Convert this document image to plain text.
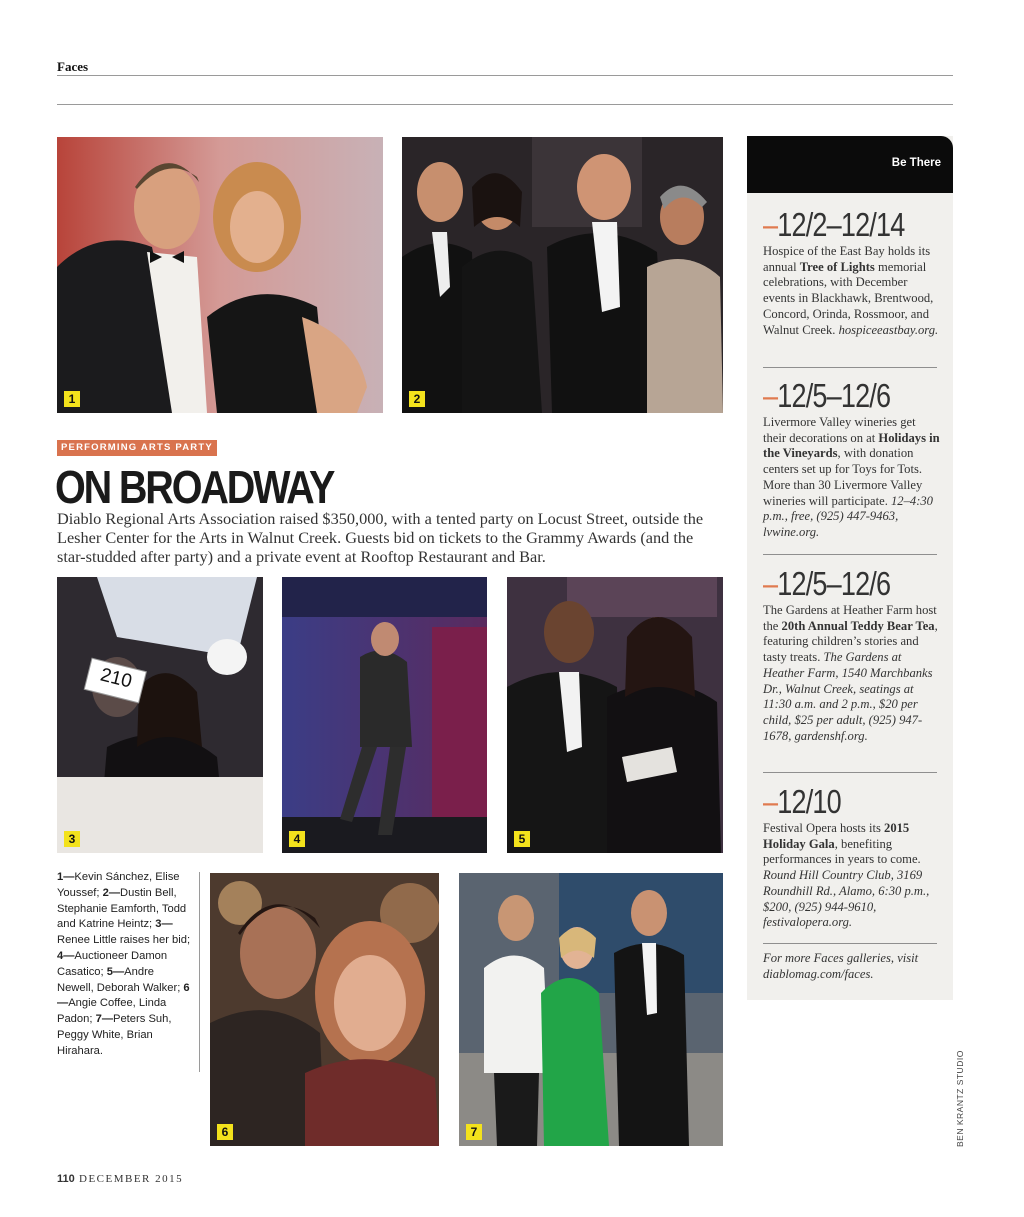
Faces
1	2
PERFORMING ARTS PARTY
ON BROADWAY
Diablo Regional Arts Association raised $350,000, with a tented party on Locust Street, outside the Lesher Center for the Arts in Walnut Creek. Guests bid on tickets to the Grammy Awards (and the star-studded after party) and a private event at Rooftop Restaurant and Bar.
210
3	4	5
1—Kevin Sánchez, Elise Youssef; 2—Dustin Bell, Stephanie Eamforth, Todd and Katrine Heintz; 3—Renee Little raises her bid; 4—Auctioneer Damon Casatico; 5—Andre Newell, Deborah Walker; 6—Angie Coffee, Linda Padon; 7—Peters Suh, Peggy White, Brian Hirahara.
6	7
Be There
–12/2–12/14
Hospice of the East Bay holds its annual Tree of Lights memorial celebrations, with December events in Blackhawk, Brentwood, Concord, Orinda, Rossmoor, and Walnut Creek. hospiceeastbay.org.
–12/5–12/6
Livermore Valley wineries get their decorations on at Holidays in the Vineyards, with donation centers set up for Toys for Tots. More than 30 Livermore Valley wineries will participate. 12–4:30 p.m., free, (925) 447-9463, lvwine.org.
–12/5–12/6
The Gardens at Heather Farm host the 20th Annual Teddy Bear Tea, featuring children’s stories and tasty treats. The Gardens at Heather Farm, 1540 Marchbanks Dr., Walnut Creek, seatings at 11:30 a.m. and 2 p.m., $20 per child, $25 per adult, (925) 947-1678, gardenshf.org.
–12/10
Festival Opera hosts its 2015 Holiday Gala, benefiting performances in years to come. Round Hill Country Club, 3169 Roundhill Rd., Alamo, 6:30 p.m., $200, (925) 944-9610, festivalopera.org.
For more Faces galleries, visit diablomag.com/faces.
BEN KRANTZ STUDIO
110 DECEMBER 2015
